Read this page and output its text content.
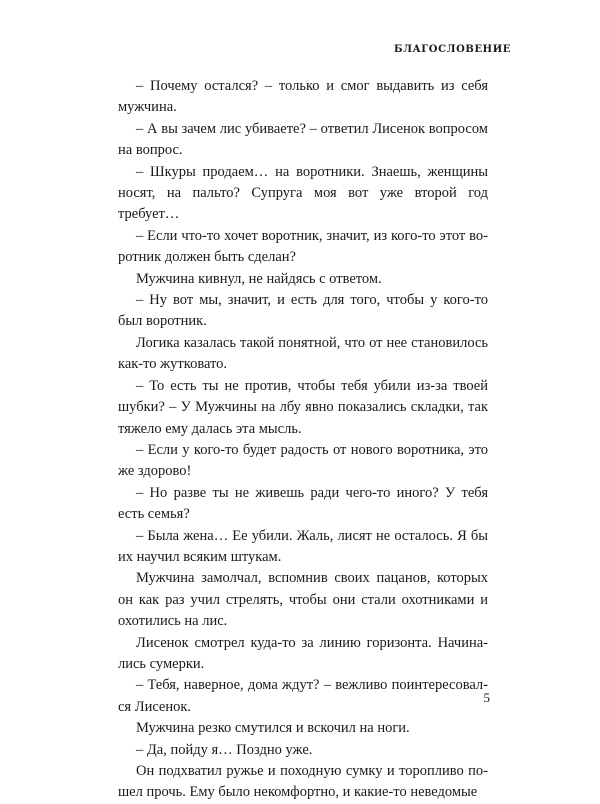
БЛАГОСЛОВЕНИЕ

– Почему остался? – только и смог выдавить из себя мужчина.

– А вы зачем лис убиваете? – ответил Лисенок вопросом на вопрос.

– Шкуры продаем… на воротники. Знаешь, женщины носят, на пальто? Супруга моя вот уже второй год требует…

– Если что-то хочет воротник, значит, из кого-то этот воротник должен быть сделан?

Мужчина кивнул, не найдясь с ответом.

– Ну вот мы, значит, и есть для того, чтобы у кого-то был воротник.

Логика казалась такой понятной, что от нее становилось как-то жутковато.

– То есть ты не против, чтобы тебя убили из-за твоей шубки? – У Мужчины на лбу явно показались складки, так тяжело ему далась эта мысль.

– Если у кого-то будет радость от нового воротника, это же здорово!

– Но разве ты не живешь ради чего-то иного? У тебя есть семья?

– Была жена… Ее убили. Жаль, лисят не осталось. Я бы их научил всяким штукам.

Мужчина замолчал, вспомнив своих пацанов, которых он как раз учил стрелять, чтобы они стали охотниками и охотились на лис.

Лисенок смотрел куда-то за линию горизонта. Начинались сумерки.

– Тебя, наверное, дома ждут? – вежливо поинтересовался Лисенок.

Мужчина резко смутился и вскочил на ноги.

– Да, пойду я… Поздно уже.

Он подхватил ружье и походную сумку и торопливо пошел прочь. Ему было некомфортно, и какие-то неведомые

5
